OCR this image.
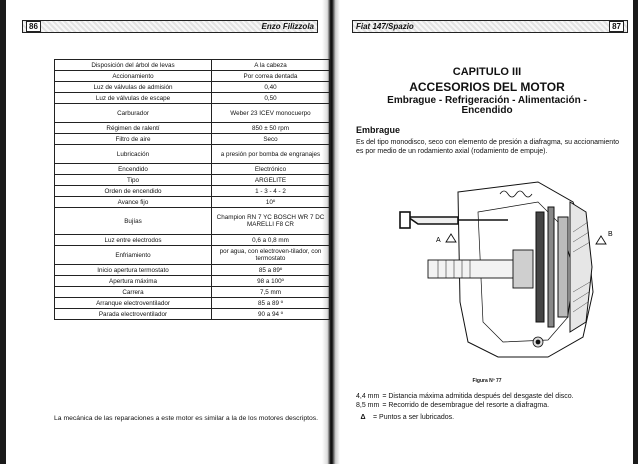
86	Enzo Filizzola
Disposición del árbol de levas	A la cabeza
Accionamiento	Por correa dentada
Luz de válvulas de admisión	0,40
Luz de válvulas de escape	0,50
Carburador	Weber 23 ICEV monocuerpo
Régimen de ralentí	850 ± 50 rpm
Filtro de aire	Seco
Lubricación	a presión por bomba de engranajes
Encendido	Electrónico
Tipo	ARGELITE
Orden de encendido	1 - 3 - 4 - 2
Avance fijo	10º
Bujías	Champion RN 7 YC BOSCH WR 7 DC MARELLI F8 CR
Luz entre electrodos	0,6 a 0,8 mm
Enfriamiento	por agua, con electroven-tilador, con termostato
Inicio apertura termostato	85 a 89º
Apertura máxima	98 a 100º
Carrera	7,5 mm
Arranque electroventilador	85 a 89 º
Parada electroventilador	90 a 94 º
La mecánica de las reparaciones a este motor es similar a la de los motores descriptos.
Fiat 147/Spazio	87
CAPITULO III
ACCESORIOS DEL MOTOR
Embrague - Refrigeración - Alimentación - Encendido
Embrague
Es del tipo monodisco, seco con elemento de presión a diafragma, su accionamiento es por medio de un rodamiento axial (rodamiento de empuje).
A
B
Figura Nº 77
4,4 mm = Distancia máxima admitida después del desgaste del disco.
8,5 mm = Recorrido de desembrague del resorte a diafragma.
Δ	= Puntos a ser lubricados.
